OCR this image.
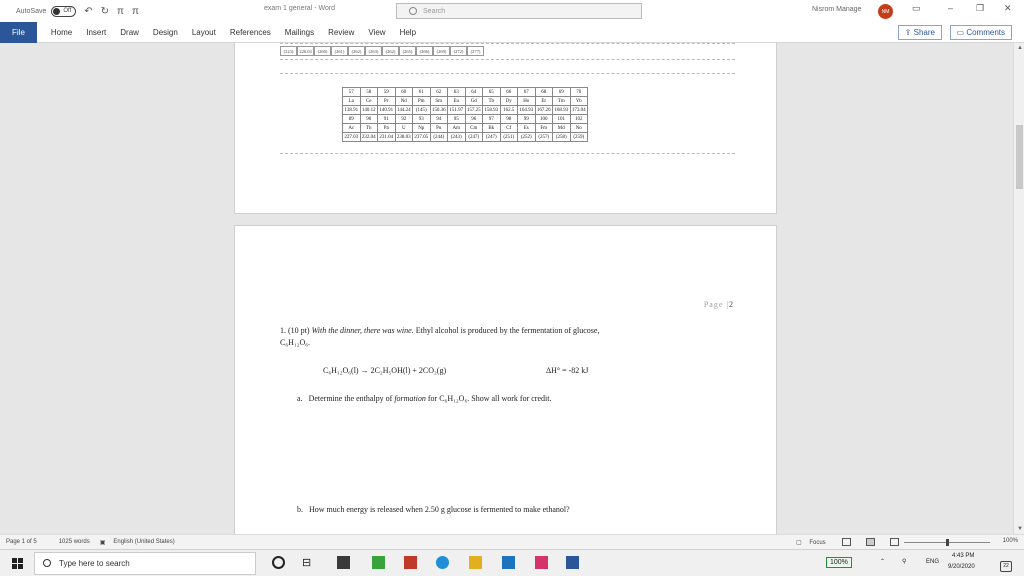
AutoSave	Off ↶ ↻ π π	exam 1 general - Word	Search	Nisrom Manage	NM	▭	–	❐ ✕
File	Home Insert Draw Design Layout References Mailings Review View Help	⇪ Share	▭ Comments
(223)	226.03	(260)	(261)	(262)	(263)	(262)	(265)	(266)	(269)	(272)	(277)
57	58	59	60	61	62	63	64	65	66	67	68	69	70
La	Ce	Pr	Nd	Pm	Sm	Eu	Gd	Tb	Dy	Ho	Er	Tm	Yb
138.91	140.12	140.91	144.24	(145)	150.36	151.97	157.25	158.93	162.5	164.93	167.26	168.93	173.04
89	90	91	92	93	94	95	96	97	98	99	100	101	102
Ac	Th	Pa	U	Np	Pu	Am	Cm	Bk	Cf	Es	Fm	Md	No
227.03	232.04	231.04	238.03	237.05	(244)	(243)	(247)	(247)	(251)	(252)	(257)	(258)	(259)
Page |2
1. (10 pt) With the dinner, there was wine. Ethyl alcohol is produced by the fermentation of glucose,
C₆H₁₂O₆.
C₆H₁₂O₆(l) → 2C₂H₅OH(l) + 2CO₂(g)	ΔH° = -82 kJ
a. Determine the enthalpy of formation for C₆H₁₂O₆. Show all work for credit.
b. How much energy is released when 2.50 g glucose is fermented to make ethanol?
▲
▼
Page 1 of 5	1025 words ▣ English (United States)	▢ Focus	100%
Type here to search	⊟	100%	⌃	⚲	ENG
4:43 PM
9/20/2020	22
